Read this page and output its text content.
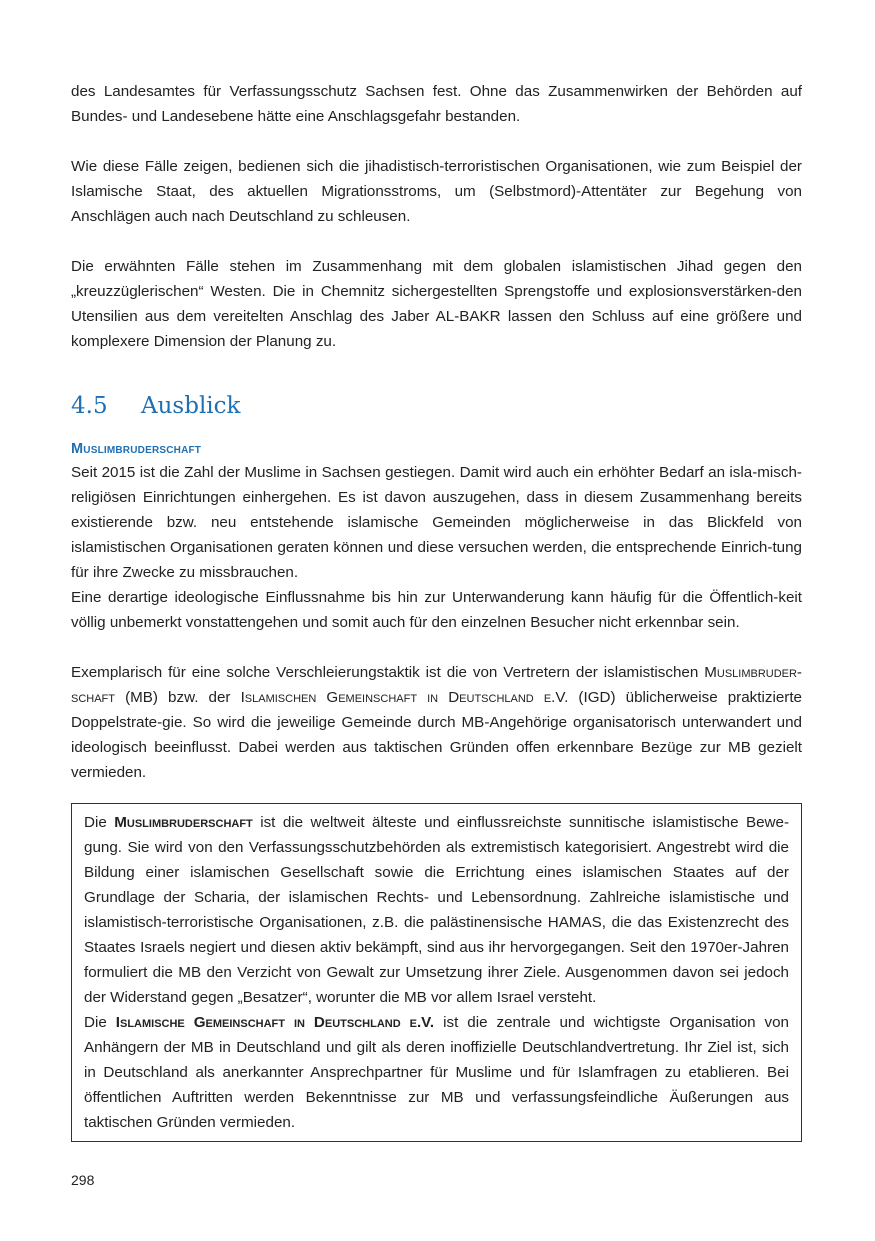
des Landesamtes für Verfassungsschutz Sachsen fest. Ohne das Zusammenwirken der Behörden auf Bundes- und Landesebene hätte eine Anschlagsgefahr bestanden.

Wie diese Fälle zeigen, bedienen sich die jihadistisch-terroristischen Organisationen, wie zum Beispiel der Islamische Staat, des aktuellen Migrationsstroms, um (Selbstmord)-Attentäter zur Begehung von Anschlägen auch nach Deutschland zu schleusen.

Die erwähnten Fälle stehen im Zusammenhang mit dem globalen islamistischen Jihad gegen den „kreuzzüglerischen“ Westen. Die in Chemnitz sichergestellten Sprengstoffe und explosionsverstärken-den Utensilien aus dem vereitelten Anschlag des Jaber AL-BAKR lassen den Schluss auf eine größere und komplexere Dimension der Planung zu.

4.5	Ausblick
Muslimbruderschaft

Seit 2015 ist die Zahl der Muslime in Sachsen gestiegen. Damit wird auch ein erhöhter Bedarf an isla-misch-religiösen Einrichtungen einhergehen. Es ist davon auszugehen, dass in diesem Zusammenhang bereits existierende bzw. neu entstehende islamische Gemeinden möglicherweise in das Blickfeld von islamistischen Organisationen geraten können und diese versuchen werden, die entsprechende Einrich-tung für ihre Zwecke zu missbrauchen.

Eine derartige ideologische Einflussnahme bis hin zur Unterwanderung kann häufig für die Öffentlich-keit völlig unbemerkt vonstattengehen und somit auch für den einzelnen Besucher nicht erkennbar sein.

Exemplarisch für eine solche Verschleierungstaktik ist die von Vertretern der islamistischen Muslimbruder-schaft (MB) bzw. der Islamischen Gemeinschaft in Deutschland e.V. (IGD) üblicherweise praktizierte Doppelstrate-gie. So wird die jeweilige Gemeinde durch MB-Angehörige organisatorisch unterwandert und ideologisch beeinflusst. Dabei werden aus taktischen Gründen offen erkennbare Bezüge zur MB gezielt vermieden.

Die Muslimbruderschaft ist die weltweit älteste und einflussreichste sunnitische islamistische Bewe-gung. Sie wird von den Verfassungsschutzbehörden als extremistisch kategorisiert. Angestrebt wird die Bildung einer islamischen Gesellschaft sowie die Errichtung eines islamischen Staates auf der Grundlage der Scharia, der islamischen Rechts- und Lebensordnung. Zahlreiche islamistische und islamistisch-terroristische Organisationen, z.B. die palästinensische HAMAS, die das Existenzrecht des Staates Israels negiert und diesen aktiv bekämpft, sind aus ihr hervorgegangen. Seit den 1970er-Jahren formuliert die MB den Verzicht von Gewalt zur Umsetzung ihrer Ziele. Ausgenommen davon sei jedoch der Widerstand gegen „Besatzer“, worunter die MB vor allem Israel versteht.

Die Islamische Gemeinschaft in Deutschland e.V. ist die zentrale und wichtigste Organisation von Anhängern der MB in Deutschland und gilt als deren inoffizielle Deutschlandvertretung. Ihr Ziel ist, sich in Deutschland als anerkannter Ansprechpartner für Muslime und für Islamfragen zu etablieren. Bei öffentlichen Auftritten werden Bekenntnisse zur MB und verfassungsfeindliche Äußerungen aus taktischen Gründen vermieden.

298
